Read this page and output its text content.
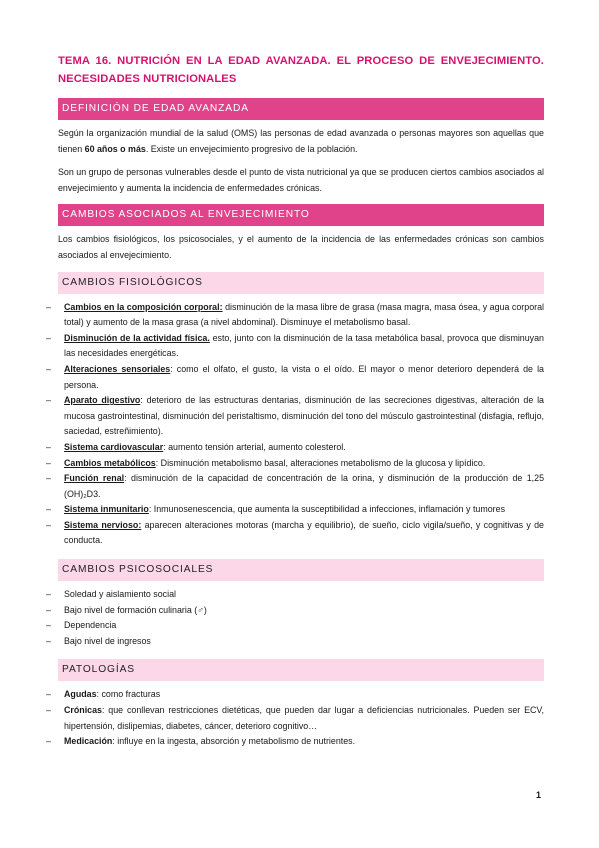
TEMA 16. NUTRICIÓN EN LA EDAD AVANZADA. EL PROCESO DE ENVEJECIMIENTO. NECESIDADES NUTRICIONALES
DEFINICIÓN DE EDAD AVANZADA

Según la organización mundial de la salud (OMS) las personas de edad avanzada o personas mayores son aquellas que tienen 60 años o más. Existe un envejecimiento progresivo de la población.

Son un grupo de personas vulnerables desde el punto de vista nutricional ya que se producen ciertos cambios asociados al envejecimiento y aumenta la incidencia de enfermedades crónicas.

CAMBIOS ASOCIADOS AL ENVEJECIMIENTO

Los cambios fisiológicos, los psicosociales, y el aumento de la incidencia de las enfermedades crónicas son cambios asociados al envejecimiento.

CAMBIOS FISIOLÓGICOS
– Cambios en la composición corporal: disminución de la masa libre de grasa (masa magra, masa ósea, y agua corporal total) y aumento de la masa grasa (a nivel abdominal). Disminuye el metabolismo basal.
– Disminución de la actividad física. esto, junto con la disminución de la tasa metabólica basal, provoca que disminuyan las necesidades energéticas.
– Alteraciones sensoriales: como el olfato, el gusto, la vista o el oído. El mayor o menor deterioro dependerá de la persona.
– Aparato digestivo: deterioro de las estructuras dentarias, disminución de las secreciones digestivas, alteración de la mucosa gastrointestinal, disminución del peristaltismo, disminución del tono del músculo gastrointestinal (disfagia, reflujo, saciedad, estreñimiento).
– Sistema cardiovascular: aumento tensión arterial, aumento colesterol.
– Cambios metabólicos: Disminución metabolismo basal, alteraciones metabolismo de la glucosa y lipídico.
– Función renal: disminución de la capacidad de concentración de la orina, y disminución de la producción de 1,25 (OH)₂D3.
– Sistema inmunitario: Inmunosenescencia, que aumenta la susceptibilidad a infecciones, inflamación y tumores
– Sistema nervioso: aparecen alteraciones motoras (marcha y equilibrio), de sueño, ciclo vigila/sueño, y cognitivas y de conducta.
CAMBIOS PSICOSOCIALES
– Soledad y aislamiento social
– Bajo nivel de formación culinaria (♂)
– Dependencia
– Bajo nivel de ingresos
PATOLOGÍAS
– Agudas: como fracturas
– Crónicas: que conllevan restricciones dietéticas, que pueden dar lugar a deficiencias nutricionales. Pueden ser ECV, hipertensión, dislipemias, diabetes, cáncer, deterioro cognitivo…
– Medicación: influye en la ingesta, absorción y metabolismo de nutrientes.
1
